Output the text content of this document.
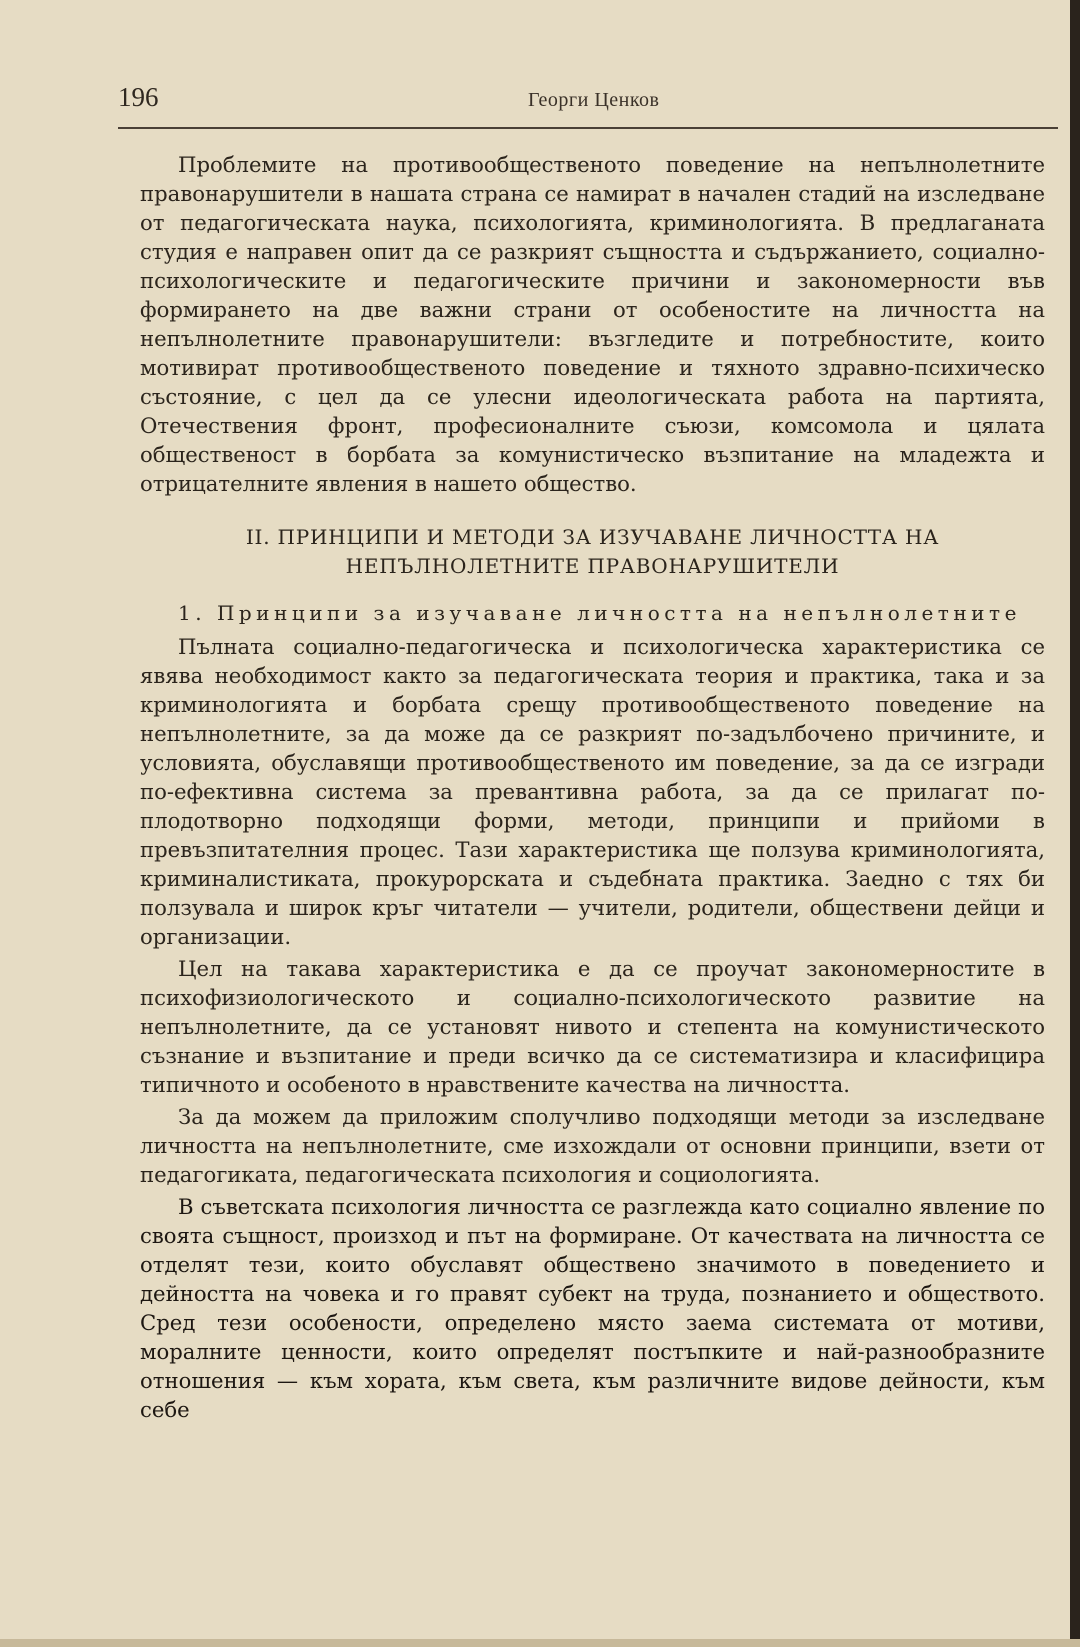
196	Георги Ценков

Проблемите на противообщественото поведение на непълнолетните правонарушители в нашата страна се намират в начален стадий на изследване от педагогическата наука, психологията, криминологията. В предлаганата студия е направен опит да се разкрият същността и съдържанието, социално-психологическите и педагогическите причини и закономерности във формирането на две важни страни от особеностите на личността на непълнолетните правонарушители: възгледите и потребностите, които мотивират противообщественото поведение и тяхното здравно-психическо състояние, с цел да се улесни идеологическата работа на партията, Отечествения фронт, професионалните съюзи, комсомола и цялата общественост в борбата за комунистическо възпитание на младежта и отрицателните явления в нашето общество.

II. ПРИНЦИПИ И МЕТОДИ ЗА ИЗУЧАВАНЕ ЛИЧНОСТТА НА НЕПЪЛНОЛЕТНИТЕ ПРАВОНАРУШИТЕЛИ
1. Принципи за изучаване личността на непълнолетните

Пълната социално-педагогическа и психологическа характеристика се явява необходимост както за педагогическата теория и практика, така и за криминологията и борбата срещу противообщественото поведение на непълнолетните, за да може да се разкрият по-задълбочено причините, и условията, обуславящи противообщественото им поведение, за да се изгради по-ефективна система за превантивна работа, за да се прилагат по-плодотворно подходящи форми, методи, принципи и прийоми в превъзпитателния процес. Тази характеристика ще ползува криминологията, криминалистиката, прокурорската и съдебната практика. Заедно с тях би ползувала и широк кръг читатели — учители, родители, обществени дейци и организации.

Цел на такава характеристика е да се проучат закономерностите в психофизиологическото и социално-психологическото развитие на непълнолетните, да се установят нивото и степента на комунистическото съзнание и възпитание и преди всичко да се систематизира и класифицира типичното и особеното в нравствените качества на личността.

За да можем да приложим сполучливо подходящи методи за изследване личността на непълнолетните, сме изхождали от основни принципи, взети от педагогиката, педагогическата психология и социологията.

В съветската психология личността се разглежда като социално явление по своята същност, произход и път на формиране. От качествата на личността се отделят тези, които обуславят обществено значимото в поведението и дейността на човека и го правят субект на труда, познанието и обществото. Сред тези особености, определено място заема системата от мотиви, моралните ценности, които определят постъпките и най-разнообразните отношения — към хората, към света, към различните видове дейности, към себе
